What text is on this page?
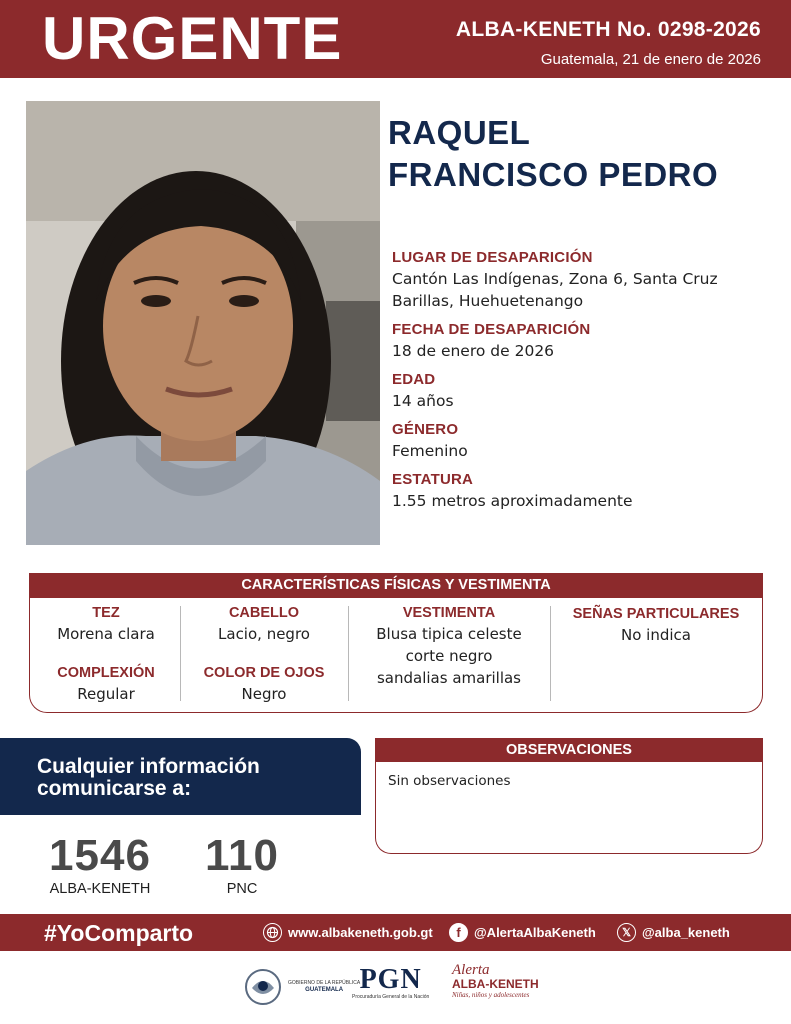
URGENTE	ALBA-KENETH No. 0298-2026
Guatemala, 21 de enero de 2026
RAQUEL
FRANCISCO PEDRO
LUGAR DE DESAPARICIÓN
Cantón Las Indígenas, Zona 6, Santa Cruz Barillas, Huehuetenango
FECHA DE DESAPARICIÓN
18 de enero de 2026
EDAD
14 años
GÉNERO
Femenino
ESTATURA
1.55 metros aproximadamente
CARACTERÍSTICAS FÍSICAS Y VESTIMENTA
TEZ
Morena clara
COMPLEXIÓN
Regular
CABELLO
Lacio, negro
COLOR DE OJOS
Negro
VESTIMENTA
Blusa tipica celeste
corte negro
sandalias amarillas
SEÑAS PARTICULARES
No indica
Cualquier información
comunicarse a:
1546
ALBA-KENETH
110
PNC
OBSERVACIONES
Sin observaciones
#YoComparto	www.albakeneth.gob.gt	f	@AlertaAlbaKeneth	𝕏 @alba_keneth
GOBIERNO DE LA REPÚBLICA
GUATEMALA PGN
Procuraduría General de la Nación
Alerta
ALBA-KENETH
Niñas, niños y adolescentes
